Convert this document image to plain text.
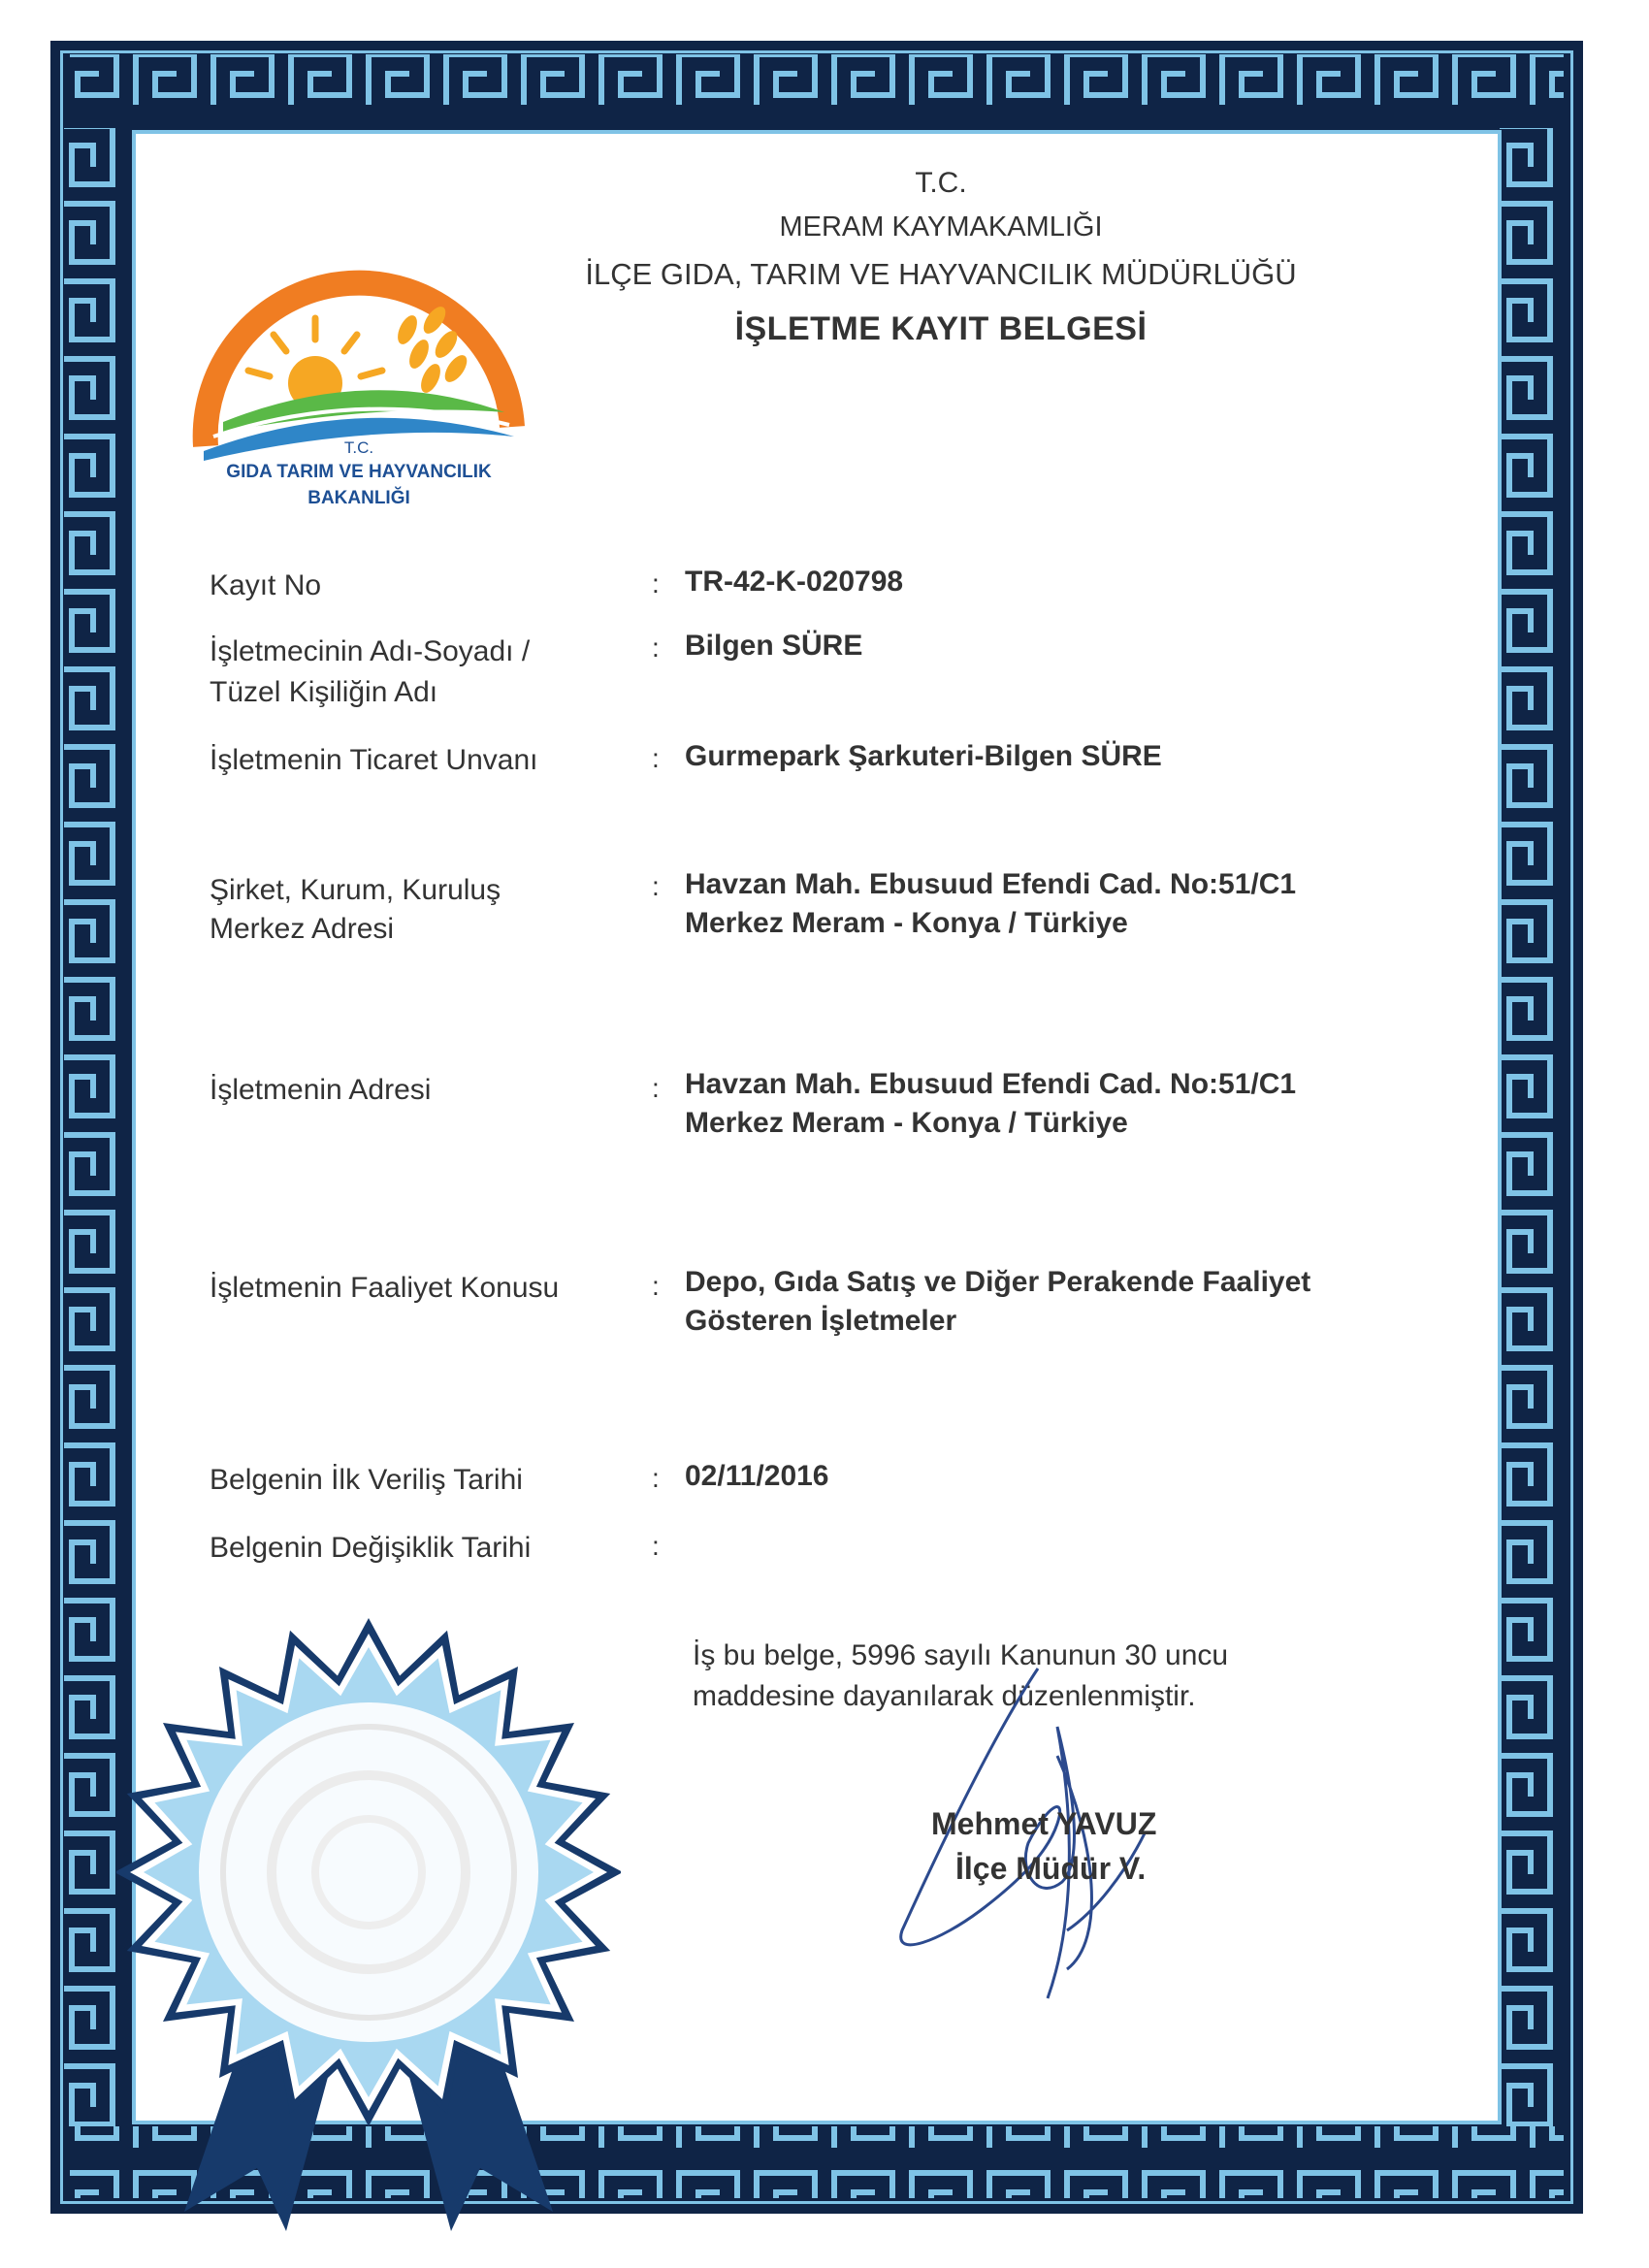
T.C.
GIDA TARIM VE HAYVANCILIK
BAKANLIĞI
T.C.
MERAM KAYMAKAMLIĞI
İLÇE GIDA, TARIM VE HAYVANCILIK MÜDÜRLÜĞÜ
İŞLETME KAYIT BELGESİ
Kayıt No	: TR-42-K-020798
İşletmecinin Adı-Soyadı /
Tüzel Kişiliğin Adı
: Bilgen SÜRE
İşletmenin Ticaret Unvanı	: Gurmepark Şarkuteri-Bilgen SÜRE
Şirket, Kurum, Kuruluş
Merkez Adresi
: Havzan Mah. Ebusuud Efendi Cad. No:51/C1
Merkez Meram - Konya / Türkiye
İşletmenin Adresi	: Havzan Mah. Ebusuud Efendi Cad. No:51/C1
Merkez Meram - Konya / Türkiye
İşletmenin Faaliyet Konusu	: Depo, Gıda Satış ve Diğer Perakende Faaliyet
Gösteren İşletmeler
Belgenin İlk Veriliş Tarihi	: 02/11/2016
Belgenin Değişiklik Tarihi	:
İş bu belge, 5996 sayılı Kanunun 30 uncu
maddesine dayanılarak düzenlenmiştir.
Mehmet YAVUZ
İlçe Müdür V.
